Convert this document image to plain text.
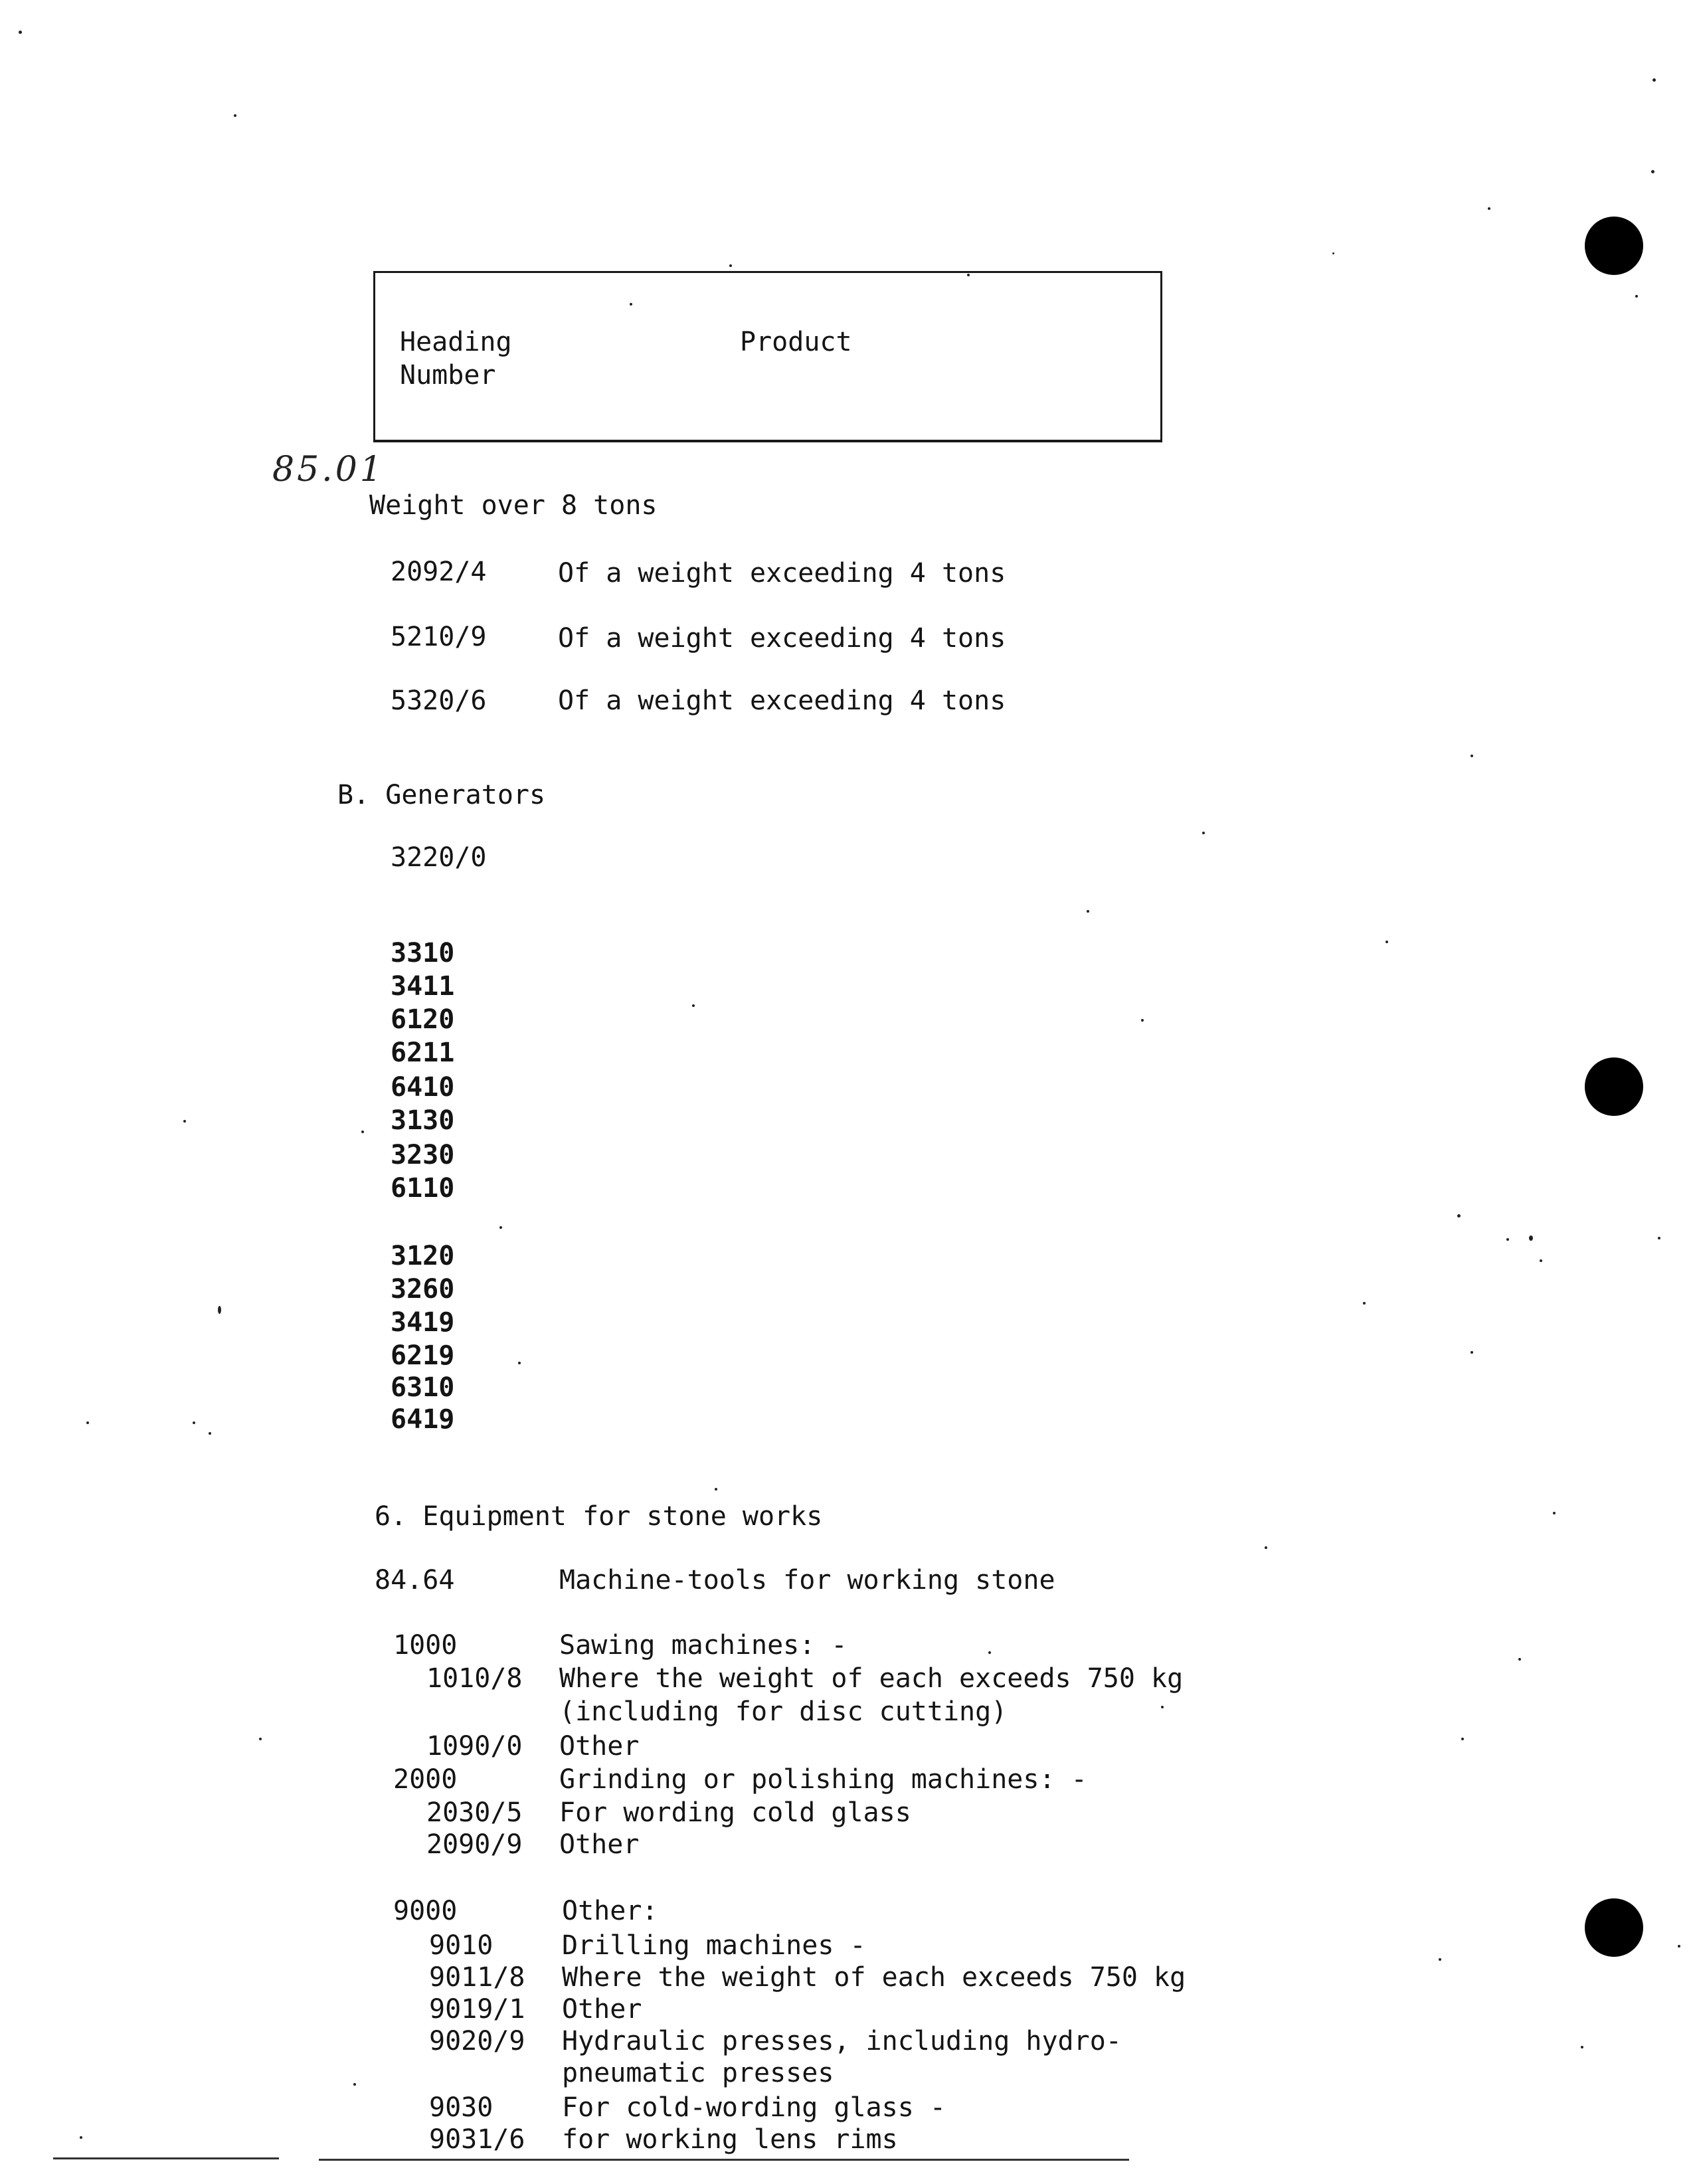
Heading
Number
Product
85.01
Weight over 8 tons
2092/4	Of a weight exceeding 4 tons
5210/9	Of a weight exceeding 4 tons
5320/6	Of a weight exceeding 4 tons
B. Generators
3220/0
3310
3411
6120
6211
6410
3130
3230
6110
3120
3260
3419
6219
6310
6419
6. Equipment for stone works
84.64	Machine-tools for working stone
1000	Sawing machines: -
1010/8 Where the weight of each exceeds 750 kg
(including for disc cutting)
1090/0 Other
2000	Grinding or polishing machines: -
2030/5 For wording cold glass
2090/9 Other
9000	Other:
9010	Drilling machines -
9011/8 Where the weight of each exceeds 750 kg
9019/1 Other
9020/9 Hydraulic presses, including hydro-
pneumatic presses
9030	For cold-wording glass -
9031/6 for working lens rims
